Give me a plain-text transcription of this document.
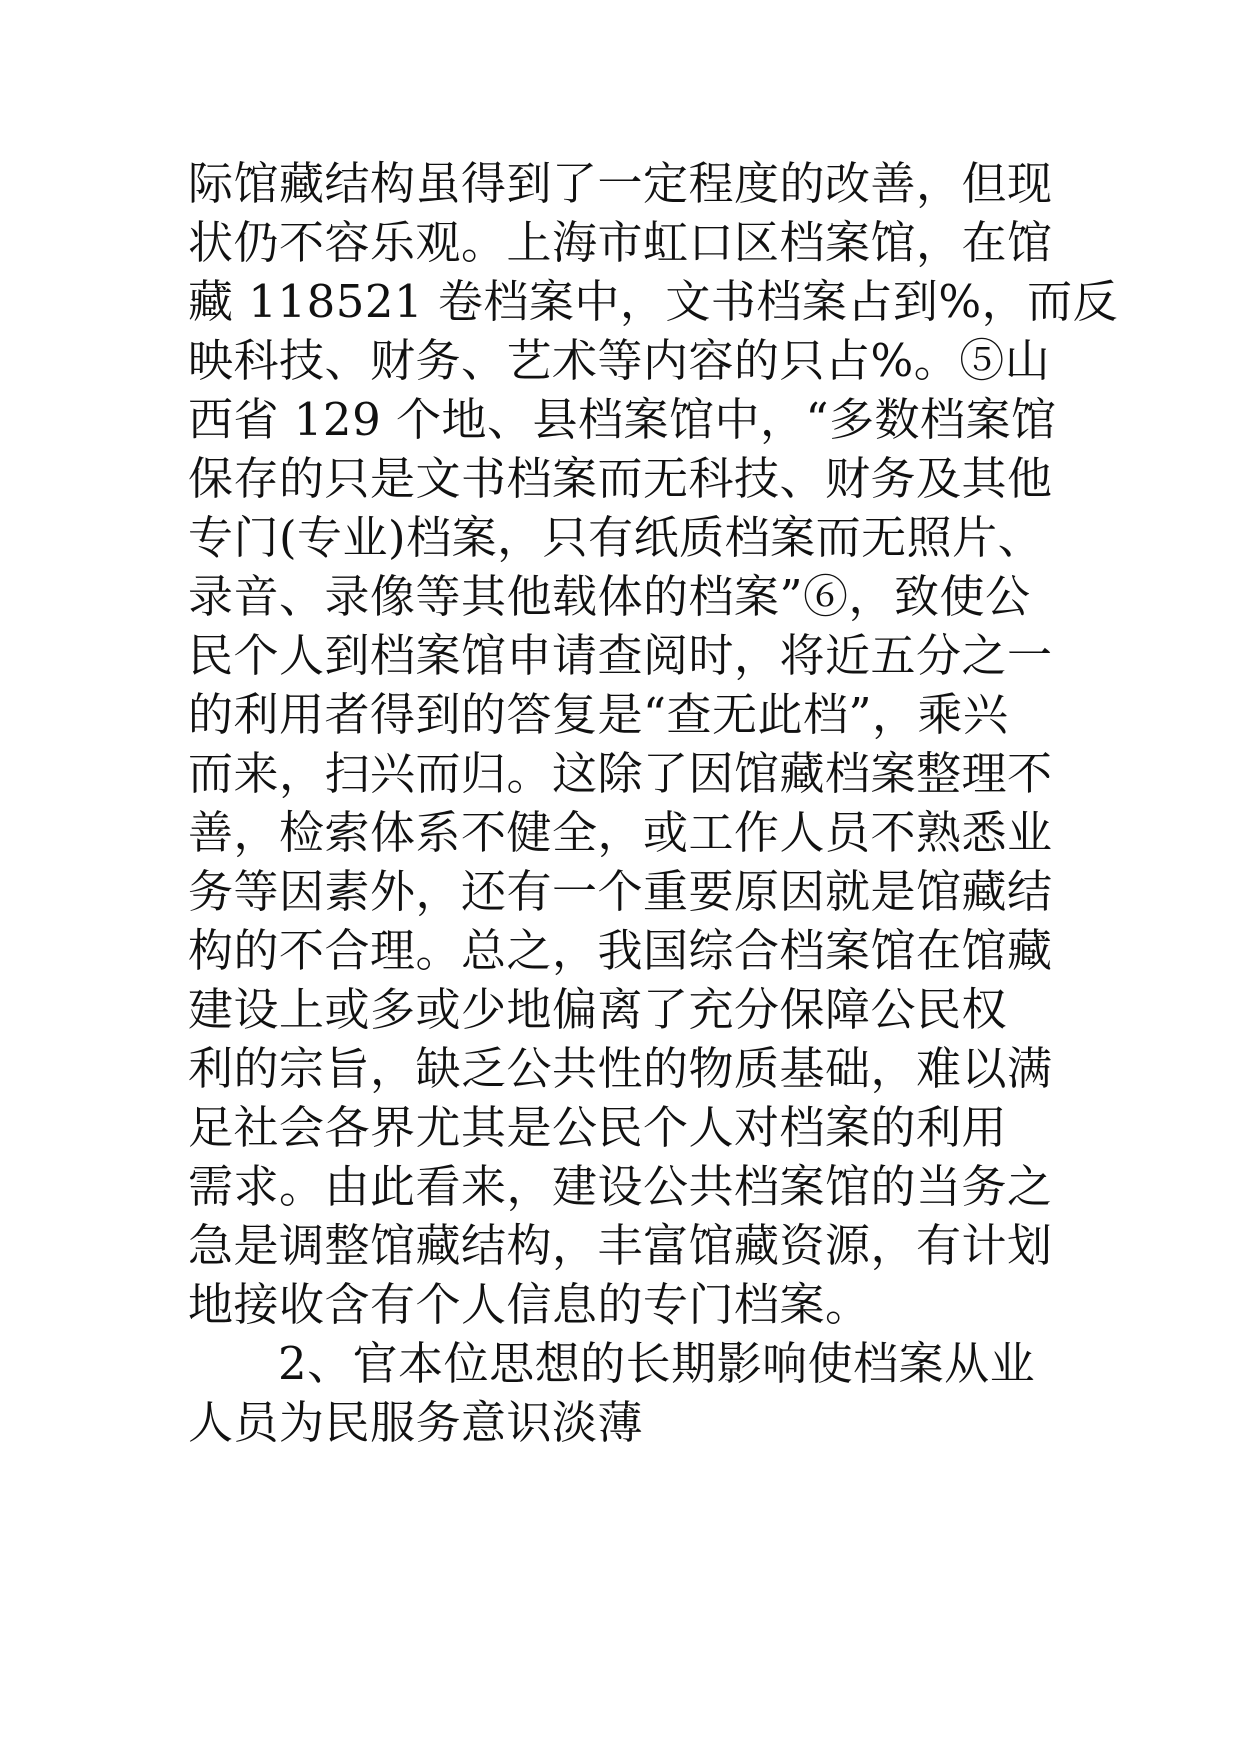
际馆藏结构虽得到了一定程度的改善，但现
状仍不容乐观。上海市虹口区档案馆，在馆
藏 118521 卷档案中，文书档案占到%，而反
映科技、财务、艺术等内容的只占%。⑤山
西省 129 个地、县档案馆中，“多数档案馆
保存的只是文书档案而无科技、财务及其他
专门(专业)档案，只有纸质档案而无照片、
录音、录像等其他载体的档案”⑥，致使公
民个人到档案馆申请查阅时，将近五分之一
的利用者得到的答复是“查无此档”，乘兴
而来，扫兴而归。这除了因馆藏档案整理不
善，检索体系不健全，或工作人员不熟悉业
务等因素外，还有一个重要原因就是馆藏结
构的不合理。总之，我国综合档案馆在馆藏
建设上或多或少地偏离了充分保障公民权
利的宗旨，缺乏公共性的物质基础，难以满
足社会各界尤其是公民个人对档案的利用
需求。由此看来，建设公共档案馆的当务之
急是调整馆藏结构，丰富馆藏资源，有计划
地接收含有个人信息的专门档案。
2、官本位思想的长期影响使档案从业
人员为民服务意识淡薄
